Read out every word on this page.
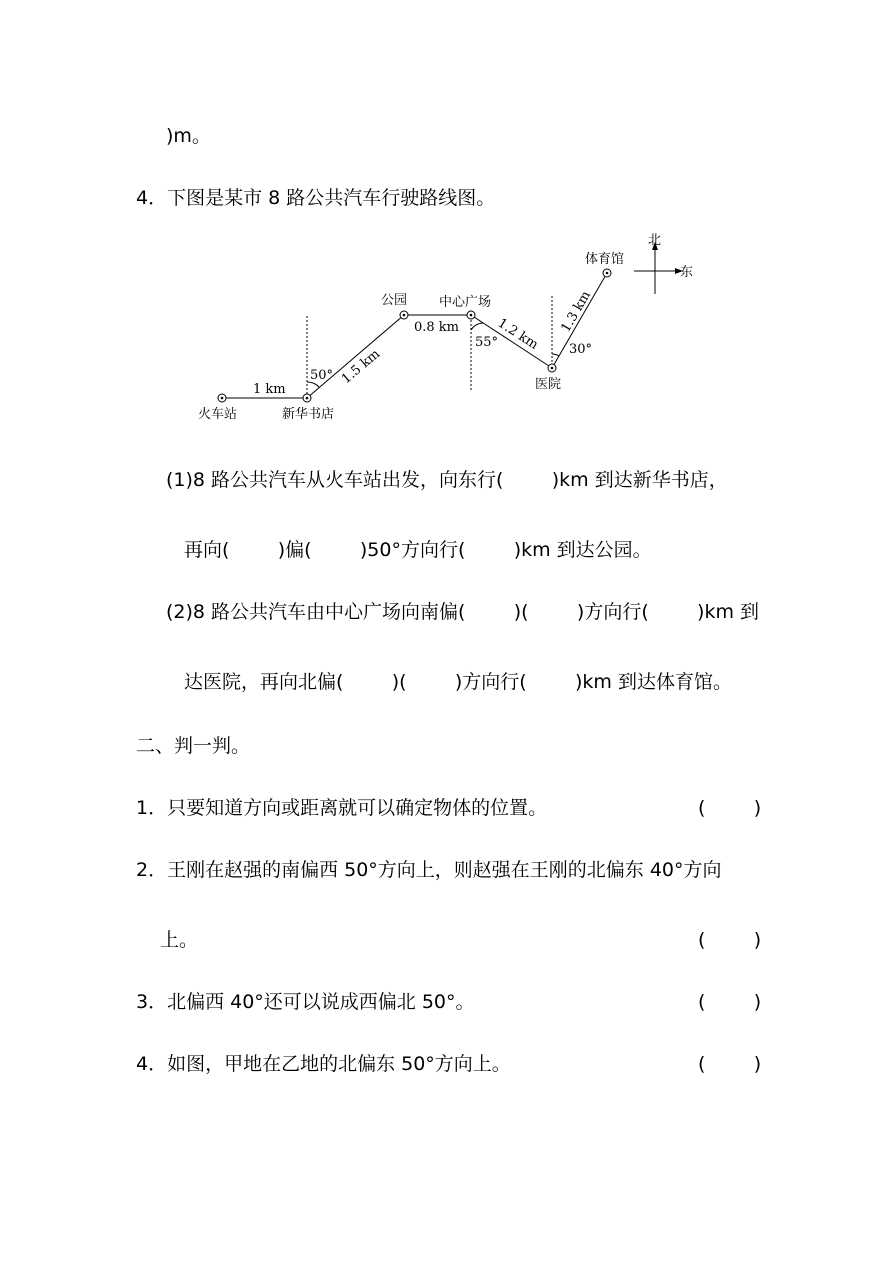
)m。
4．下图是某市 8 路公共汽车行驶路线图。
北
东
火车站	新华书店
公园 中心广场
医院
体育馆
1 km
1.5 km
0.8 km	1.2 km 1.3 km
50°
55°	30°
(1)8 路公共汽车从火车站出发，向东行(        )km 到达新华书店，
再向(        )偏(        )50°方向行(        )km 到达公园。
(2)8 路公共汽车由中心广场向南偏(        )(        )方向行(        )km 到
达医院，再向北偏(        )(        )方向行(        )km 到达体育馆。
二、判一判。
1．只要知道方向或距离就可以确定物体的位置。	(        )
2．王刚在赵强的南偏西 50°方向上，则赵强在王刚的北偏东 40°方向
上。	(        )
3．北偏西 40°还可以说成西偏北 50°。	(        )
4．如图，甲地在乙地的北偏东 50°方向上。	(        )
